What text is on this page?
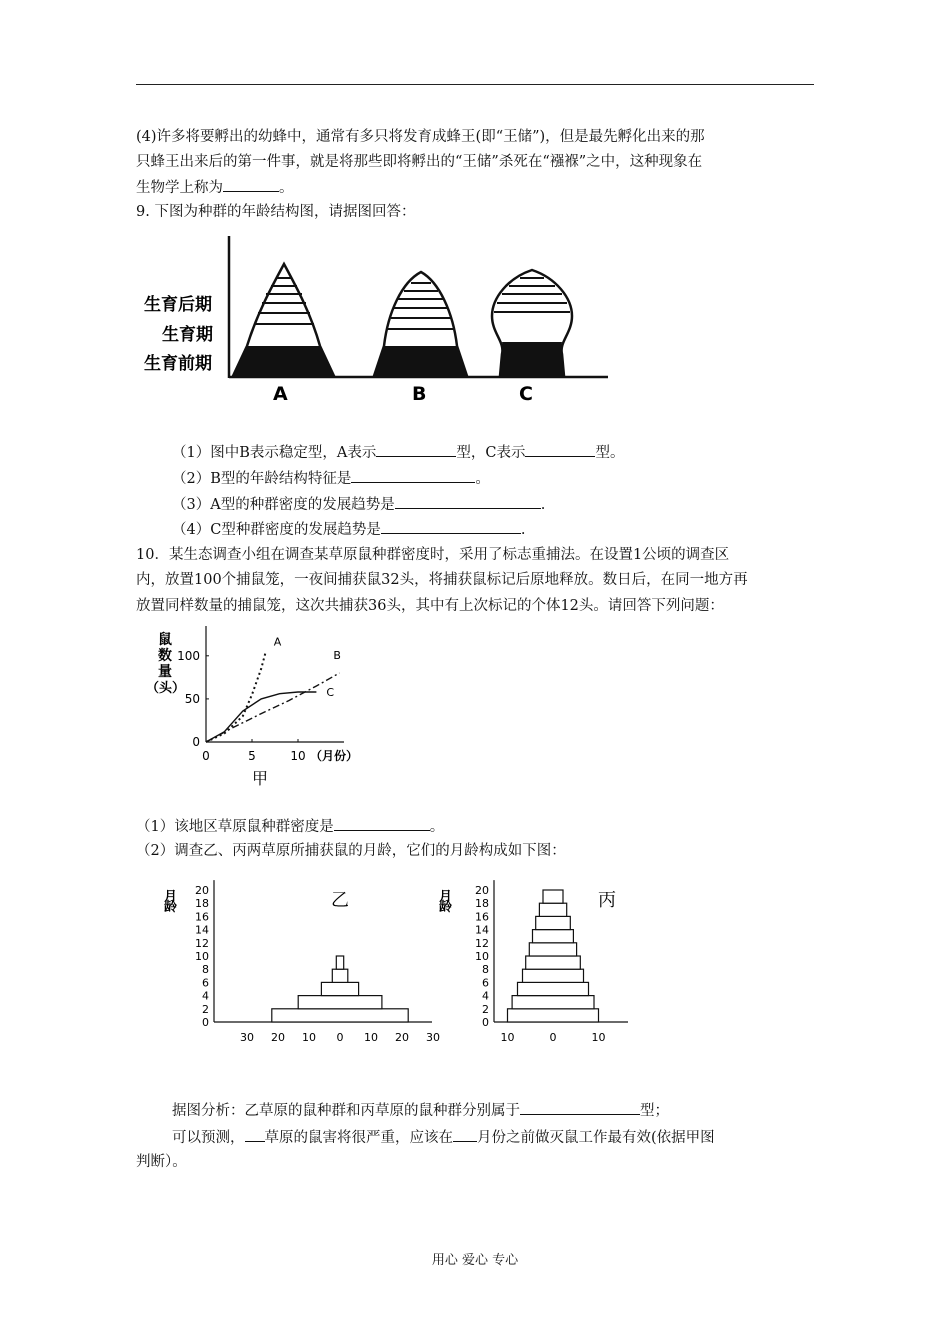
(4)许多将要孵出的幼蜂中，通常有多只将发育成蜂王(即“王储”)，但是最先孵化出来的那
只蜂王出来后的第一件事，就是将那些即将孵出的“王储”杀死在“襁褓”之中，这种现象在
生物学上称为	。
9. 下图为种群的年龄结构图，请据图回答：
生育后期
生育期
生育前期
A	B	C
（1）图中B表示稳定型，A表示	型，C表示	型。
（2）B型的年龄结构特征是	。
（3）A型的种群密度的发展趋势是	.
（4）C型种群密度的发展趋势是	.
10．某生态调查小组在调查某草原鼠种群密度时，采用了标志重捕法。在设置1公顷的调查区
内，放置100个捕鼠笼，一夜间捕获鼠32头，将捕获鼠标记后原地释放。数日后，在同一地方再
放置同样数量的捕鼠笼，这次共捕获36头，其中有上次标记的个体12头。请回答下列问题：
鼠
数
量
（头）
0
50
100
0	5	10 （月份）
甲
A
B
C
（1）该地区草原鼠种群密度是	。
（2）调查乙、丙两草原所捕获鼠的月龄，它们的月龄构成如下图：
0
2
4
6
8
10
12
14
16
18
20
月
龄	乙
30 20 10 0 10 20 30
0
2
4
6
8
10
12
14
16
18
20
月
龄	丙
10	0	10
据图分析：乙草原的鼠种群和丙草原的鼠种群分别属于	型；
可以预测， 草原的鼠害将很严重，应该在 月份之前做灭鼠工作最有效(依据甲图
判断）。
用心 爱心 专心
